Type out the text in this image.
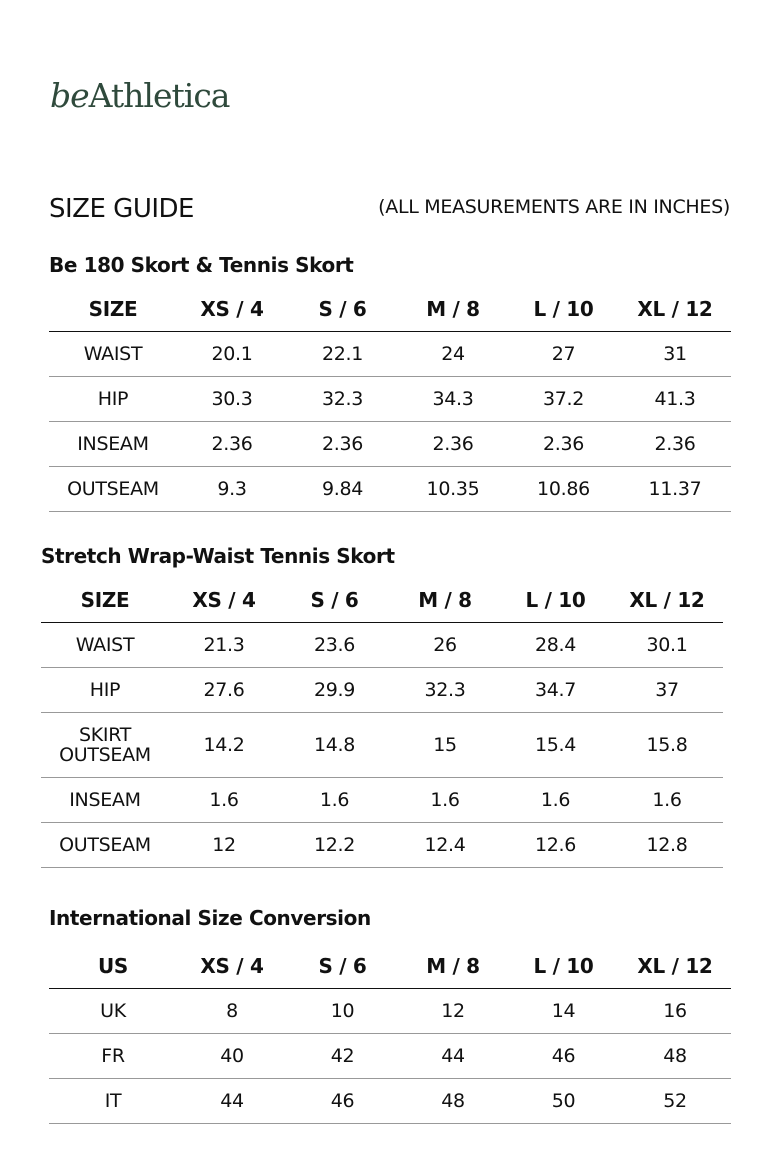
beAthletica
SIZE GUIDE	(ALL MEASUREMENTS ARE IN INCHES)
Be 180 Skort & Tennis Skort
SIZE	XS / 4	S / 6	M / 8	L / 10	XL / 12
WAIST	20.1	22.1	24	27	31
HIP	30.3	32.3	34.3	37.2	41.3
INSEAM	2.36	2.36	2.36	2.36	2.36
OUTSEAM	9.3	9.84	10.35	10.86	11.37
Stretch Wrap-Waist Tennis Skort
SIZE	XS / 4	S / 6	M / 8	L / 10	XL / 12
WAIST	21.3	23.6	26	28.4	30.1
HIP	27.6	29.9	32.3	34.7	37
SKIRT OUTSEAM	14.2	14.8	15	15.4	15.8
INSEAM	1.6	1.6	1.6	1.6	1.6
OUTSEAM	12	12.2	12.4	12.6	12.8
International Size Conversion
US	XS / 4	S / 6	M / 8	L / 10	XL / 12
UK	8	10	12	14	16
FR	40	42	44	46	48
IT	44	46	48	50	52
